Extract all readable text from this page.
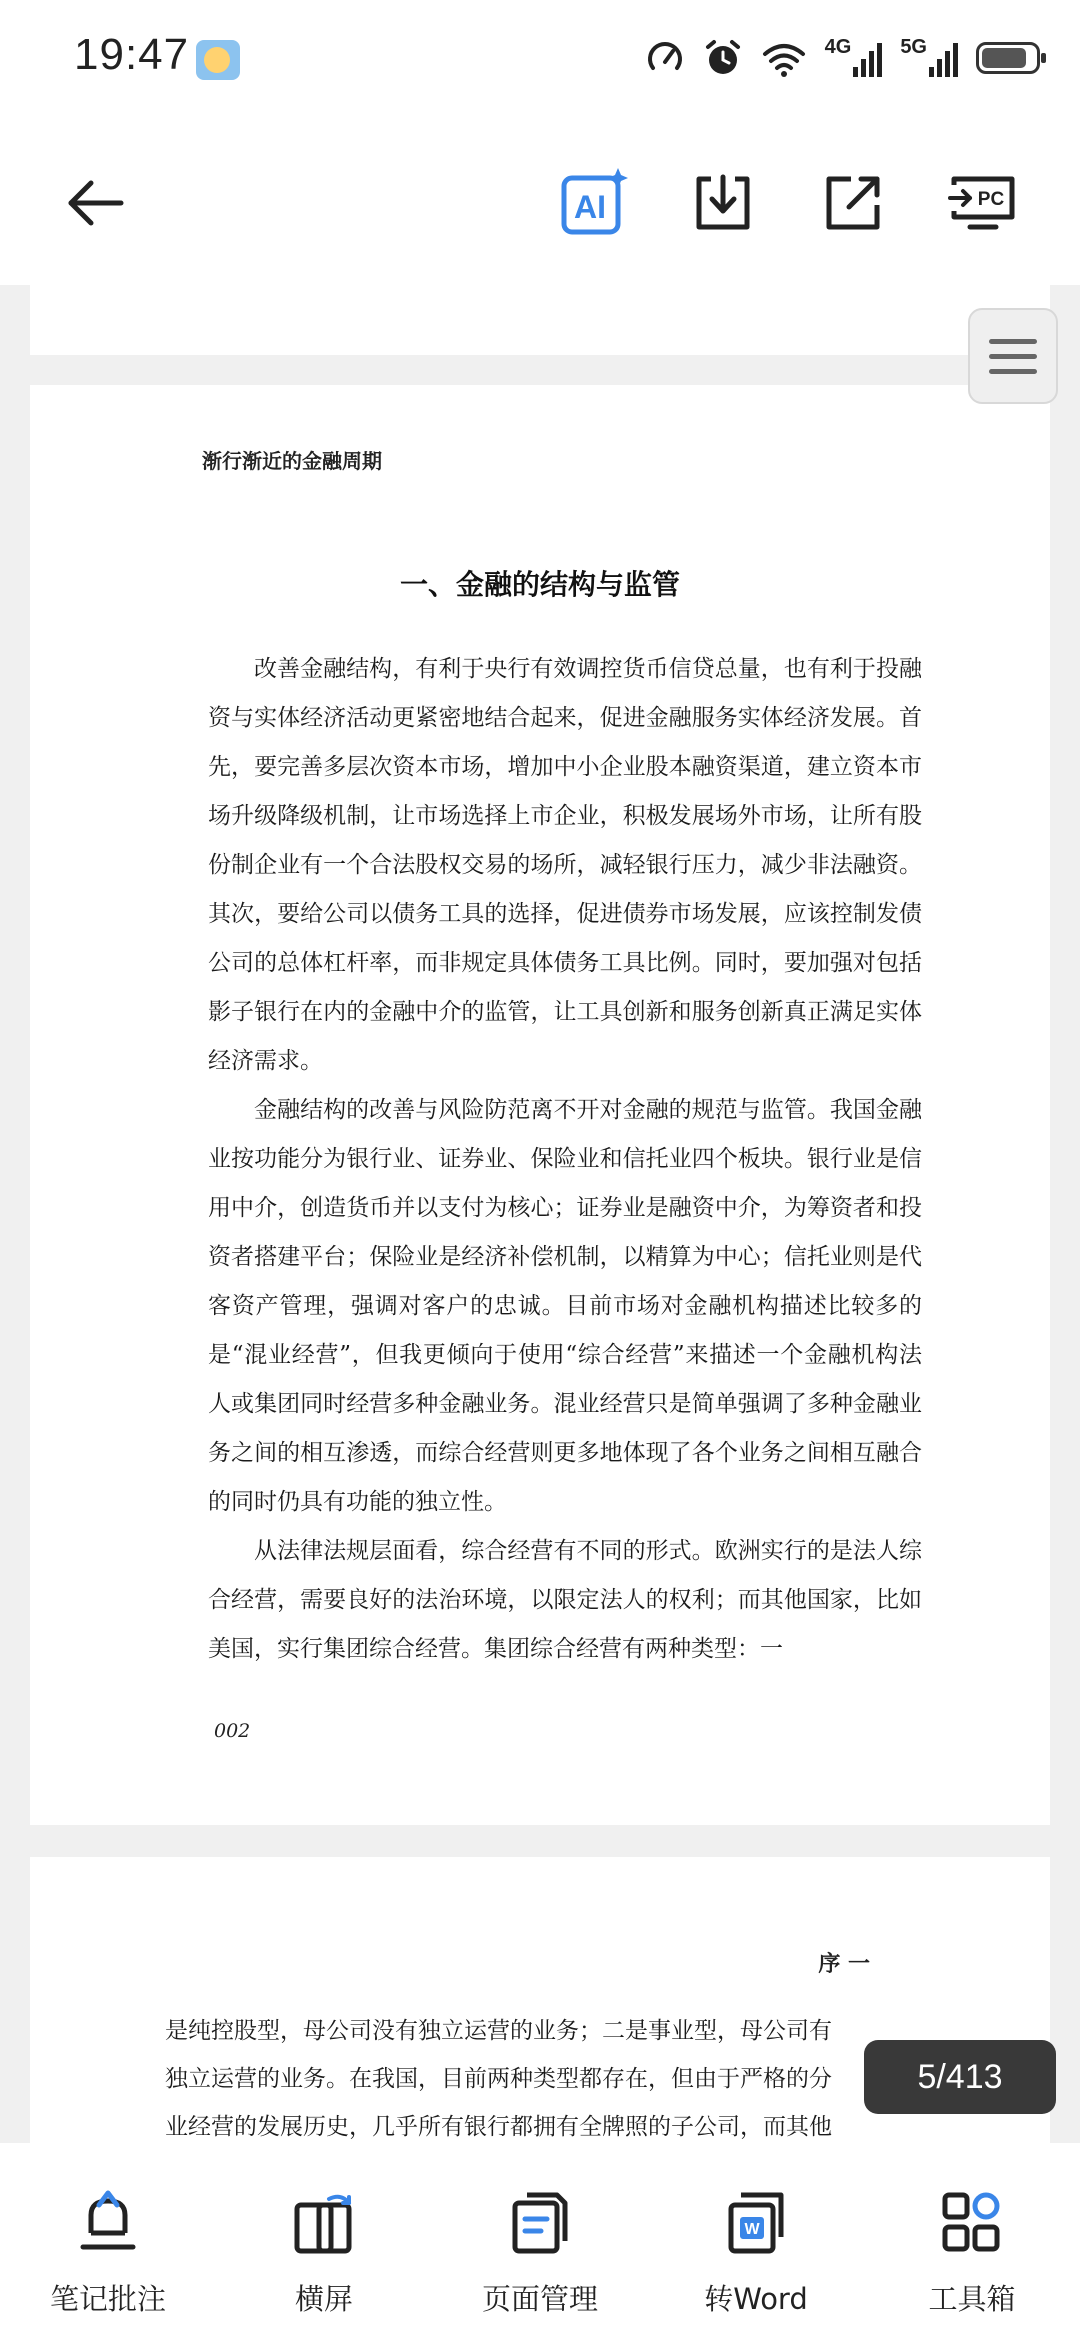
19:47	4G 5G
AI	PC
渐行渐近的金融周期
一、金融的结构与监管

改善金融结构，有利于央行有效调控货币信贷总量，也有利于投融资与实体经济活动更紧密地结合起来，促进金融服务实体经济发展。首先，要完善多层次资本市场，增加中小企业股本融资渠道，建立资本市场升级降级机制，让市场选择上市企业，积极发展场外市场，让所有股份制企业有一个合法股权交易的场所，减轻银行压力，减少非法融资。其次，要给公司以债务工具的选择，促进债券市场发展，应该控制发债公司的总体杠杆率，而非规定具体债务工具比例。同时，要加强对包括影子银行在内的金融中介的监管，让工具创新和服务创新真正满足实体经济需求。

金融结构的改善与风险防范离不开对金融的规范与监管。我国金融业按功能分为银行业、证券业、保险业和信托业四个板块。银行业是信用中介，创造货币并以支付为核心；证券业是融资中介，为筹资者和投资者搭建平台；保险业是经济补偿机制，以精算为中心；信托业则是代客资产管理，强调对客户的忠诚。目前市场对金融机构描述比较多的是“混业经营”，但我更倾向于使用“综合经营”来描述一个金融机构法人或集团同时经营多种金融业务。混业经营只是简单强调了多种金融业务之间的相互渗透，而综合经营则更多地体现了各个业务之间相互融合的同时仍具有功能的独立性。

从法律法规层面看，综合经营有不同的形式。欧洲实行的是法人综合经营，需要良好的法治环境，以限定法人的权利；而其他国家，比如美国，实行集团综合经营。集团综合经营有两种类型：一

002
序 一
是纯控股型，母公司没有独立运营的业务；二是事业型，母公司有
独立运营的业务。在我国，目前两种类型都存在，但由于严格的分
业经营的发展历史，几乎所有银行都拥有全牌照的子公司，而其他
5/413
笔记批注	横屏	页面管理
W
转Word	工具箱
